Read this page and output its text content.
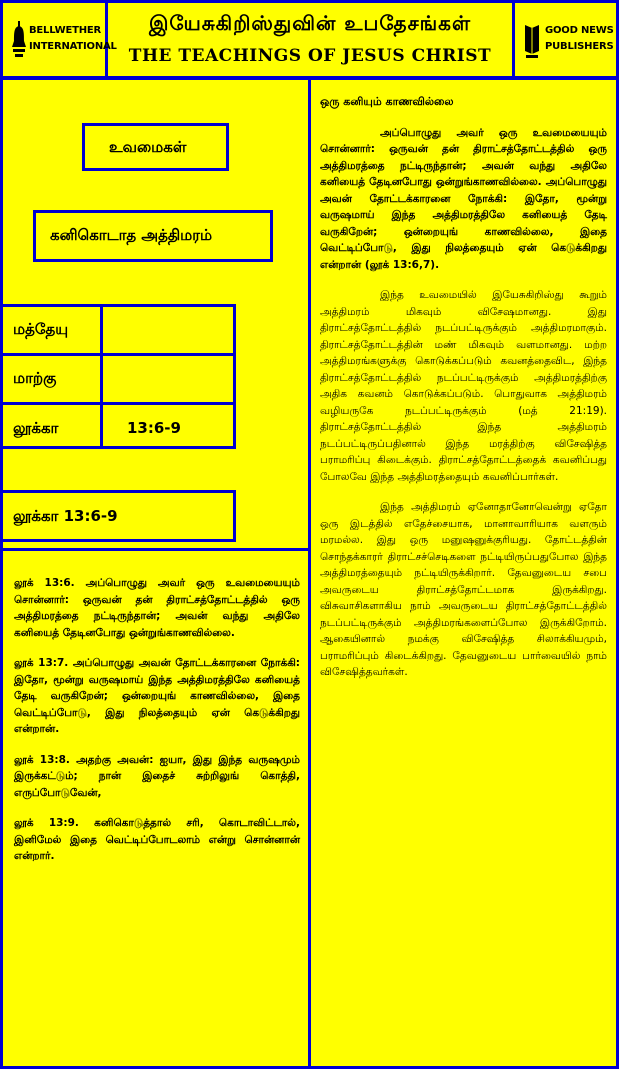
BELLWETHER
INTERNATIONAL
இயேசுகிறிஸ்துவின் உபதேசங்கள்
THE TEACHINGS OF JESUS CHRIST
GOOD NEWS
PUBLISHERS
உவமைகள்
கனிகொடாத அத்திமரம்
மத்தேயு
மாற்கு
லூக்கா	13:6-9
லூக்கா 13:6-9

லூக் 13:6. அப்பொழுது அவர் ஒரு உவமையையும் சொன்னார்: ஒருவன் தன் திராட்சத்தோட்டத்தில் ஒரு அத்திமரத்தை நட்டிருந்தான்; அவன் வந்து அதிலே கனியைத் தேடினபோது ஒன்றுங்காணவில்லை.

லூக் 13:7. அப்பொழுது அவன் தோட்டக்காரனை நோக்கி: இதோ, மூன்று வருஷமாய் இந்த அத்திமரத்திலே கனியைத் தேடி வருகிறேன்; ஒன்றையுங் காணவில்லை, இதை வெட்டிப்போடு, இது நிலத்தையும் ஏன் கெடுக்கிறது என்றான்.

லூக் 13:8. அதற்கு அவன்: ஐயா, இது இந்த வருஷமும் இருக்கட்டும்; நான் இதைச் சுற்றிலுங் கொத்தி, எருப்போடுவேன்,

லூக் 13:9. கனிகொடுத்தால் சரி, கொடாவிட்டால், இனிமேல் இதை வெட்டிப்போடலாம் என்று சொன்னான் என்றார்.

ஒரு கனியும் காணவில்லை

அப்பொழுது அவர் ஒரு உவமையையும் சொன்னார்: ஒருவன் தன் திராட்சத்தோட்டத்தில் ஒரு அத்திமரத்தை நட்டிருந்தான்; அவன் வந்து அதிலே கனியைத் தேடினபோது ஒன்றுங்காணவில்லை. அப்பொழுது அவன் தோட்டக்காரனை நோக்கி: இதோ, மூன்று வருஷமாய் இந்த அத்திமரத்திலே கனியைத் தேடி வருகிறேன்; ஒன்றையுங் காணவில்லை, இதை வெட்டிப்போடு, இது நிலத்தையும் ஏன் கெடுக்கிறது என்றான் (லூக் 13:6,7).

இந்த உவமையில் இயேசுகிறிஸ்து கூறும் அத்திமரம் மிகவும் விசேஷமானது. இது திராட்சத்தோட்டத்தில் நடப்பட்டிருக்கும் அத்திமரமாகும். திராட்சத்தோட்டத்தின் மண் மிகவும் வளமானது. மற்ற அத்திமரங்களுக்கு கொடுக்கப்படும் கவனத்தைவிட, இந்த திராட்சத்தோட்டத்தில் நடப்பட்டிருக்கும் அத்திமரத்திற்கு அதிக கவனம் கொடுக்கப்படும். பொதுவாக அத்திமரம் வழியருகே நடப்பட்டிருக்கும் (மத் 21:19). திராட்சத்தோட்டத்தில் இந்த அத்திமரம் நடப்பட்டிருப்பதினால் இந்த மரத்திற்கு விசேஷித்த பராமரிப்பு கிடைக்கும். திராட்சத்தோட்டத்தைக் கவனிப்பது போலவே இந்த அத்திமரத்தையும் கவனிப்பார்கள்.

இந்த அத்திமரம் ஏனோதானோவென்று ஏதோ ஒரு இடத்தில் எதேச்சையாக, மானாவாரியாக வளரும் மரமல்ல. இது ஒரு மனுஷனுக்குரியது. தோட்டத்தின் சொந்தக்காரர் திராட்சச்செடிகளை நட்டியிருப்பதுபோல இந்த அத்திமரத்தையும் நட்டியிருக்கிறார். தேவனுடைய சபை அவருடைய திராட்சத்தோட்டமாக இருக்கிறது. விசுவாசிகளாகிய நாம் அவருடைய திராட்சத்தோட்டத்தில் நடப்பட்டிருக்கும் அத்திமரங்களைப்போல இருக்கிறோம். ஆகையினால் நமக்கு விசேஷித்த சிலாக்கியமும், பராமரிப்பும் கிடைக்கிறது. தேவனுடைய பார்வையில் நாம் விசேஷித்தவர்கள்.
